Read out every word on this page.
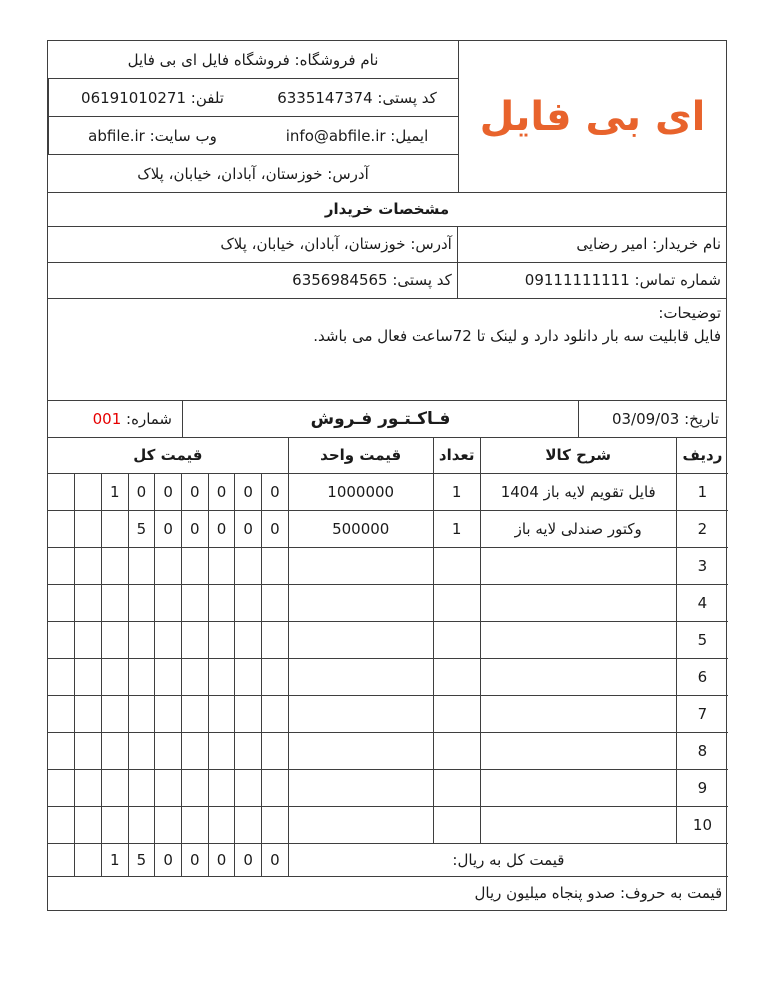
نام فروشگاه: فروشگاه فایل ای بی فایل
کد پستی: 6335147374
تلفن: 06191010271
ایمیل: info@abfile.ir
وب سایت: abfile.ir
آدرس: خوزستان، آبادان، خیابان، پلاک
ای بی فایل
مشخصات خریدار
آدرس: خوزستان، آبادان، خیابان، پلاک	نام خریدار: امیر رضایی
کد پستی: 6356984565	شماره تماس: 09111111111
توضیحات:
فایل قابلیت سه بار دانلود دارد و لینک تا 72ساعت فعال می باشد.
شماره: 001	فـاکـتـور فـروش	تاریخ: 03/09/03
قیمت کل									قیمت واحد	تعداد	شرح کالا	ردیف
		1	0	0	0	0	0	0	1000000	1	فایل تقویم لایه باز 1404	1
			5	0	0	0	0	0	500000	1	وکتور صندلی لایه باز	2
												3
												4
												5
												6
												7
												8
												9
												10
		1	5	0	0	0	0	0	قیمت کل به ریال:			
قیمت به حروف: صدو پنجاه میلیون ریال												
